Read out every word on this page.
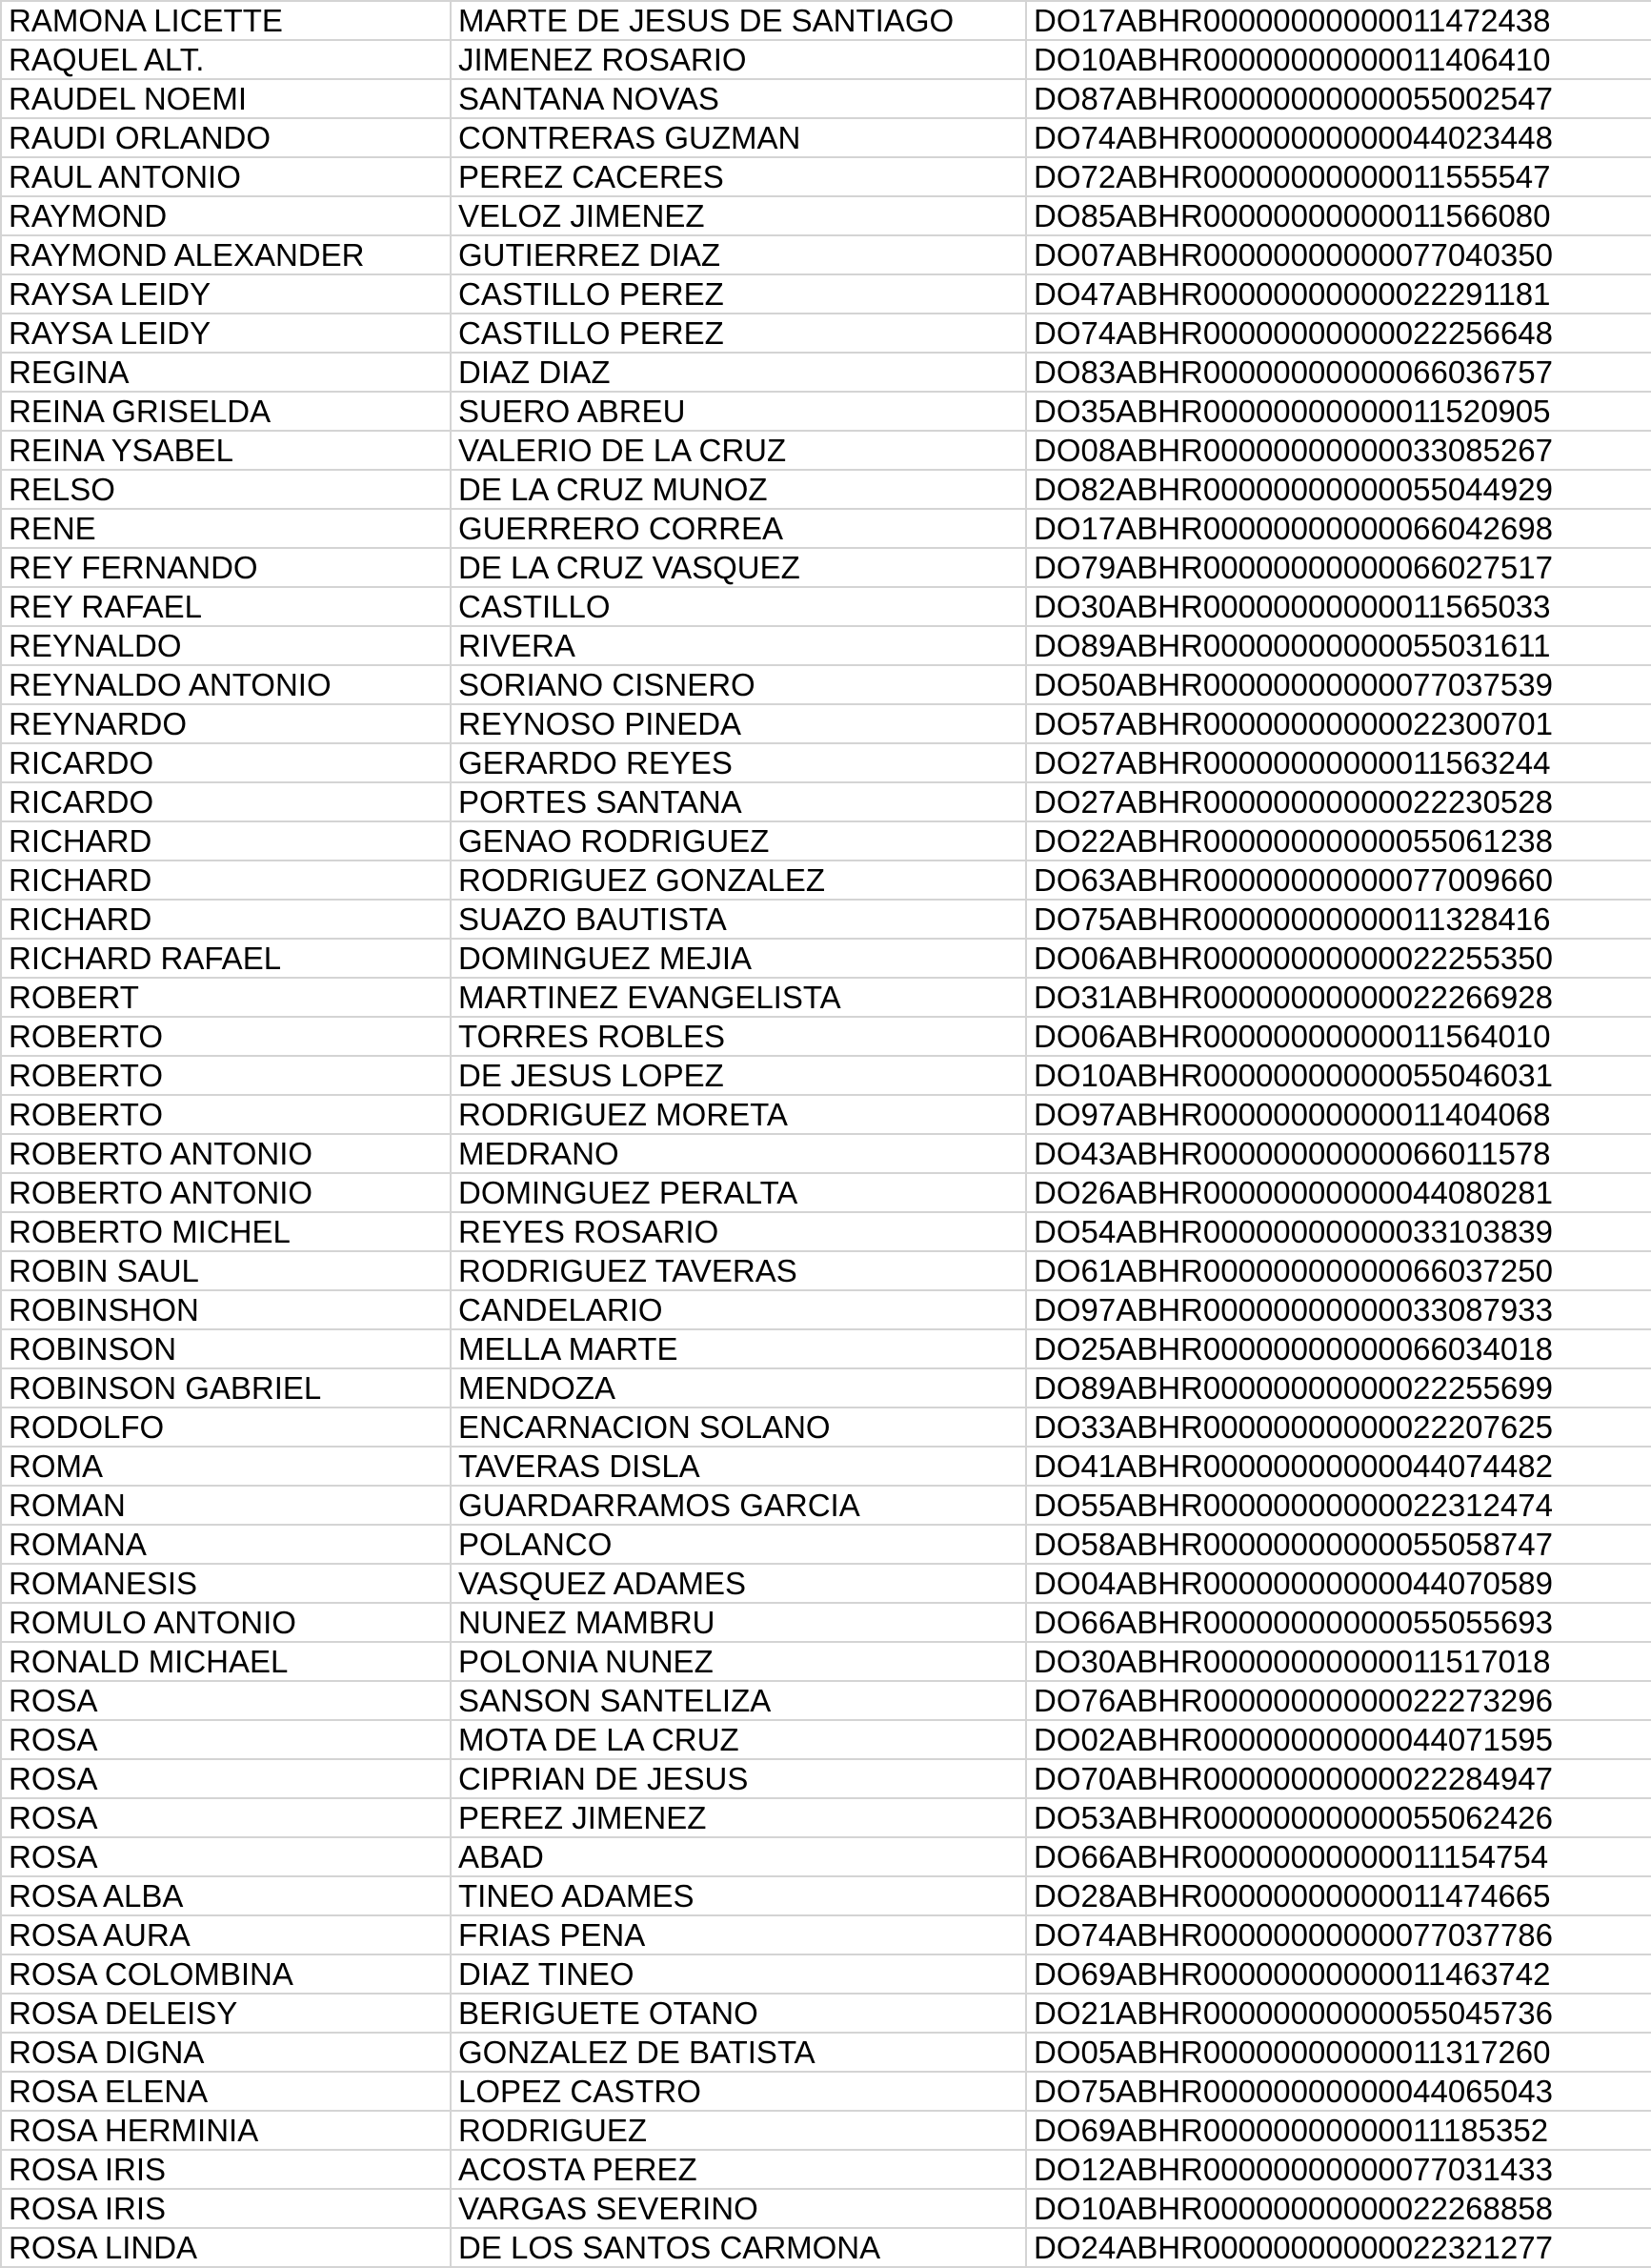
RAMONA LICETTE	MARTE DE JESUS DE SANTIAGO	DO17ABHR00000000000011472438
RAQUEL ALT.	JIMENEZ ROSARIO	DO10ABHR00000000000011406410
RAUDEL NOEMI	SANTANA NOVAS	DO87ABHR00000000000055002547
RAUDI ORLANDO	CONTRERAS GUZMAN	DO74ABHR00000000000044023448
RAUL ANTONIO	PEREZ CACERES	DO72ABHR00000000000011555547
RAYMOND	VELOZ JIMENEZ	DO85ABHR00000000000011566080
RAYMOND ALEXANDER	GUTIERREZ DIAZ	DO07ABHR00000000000077040350
RAYSA LEIDY	CASTILLO PEREZ	DO47ABHR00000000000022291181
RAYSA LEIDY	CASTILLO PEREZ	DO74ABHR00000000000022256648
REGINA	DIAZ DIAZ	DO83ABHR00000000000066036757
REINA GRISELDA	SUERO ABREU	DO35ABHR00000000000011520905
REINA YSABEL	VALERIO DE LA CRUZ	DO08ABHR00000000000033085267
RELSO	DE LA CRUZ MUNOZ	DO82ABHR00000000000055044929
RENE	GUERRERO CORREA	DO17ABHR00000000000066042698
REY FERNANDO	DE LA CRUZ VASQUEZ	DO79ABHR00000000000066027517
REY RAFAEL	CASTILLO	DO30ABHR00000000000011565033
REYNALDO	RIVERA	DO89ABHR00000000000055031611
REYNALDO ANTONIO	SORIANO CISNERO	DO50ABHR00000000000077037539
REYNARDO	REYNOSO PINEDA	DO57ABHR00000000000022300701
RICARDO	GERARDO REYES	DO27ABHR00000000000011563244
RICARDO	PORTES SANTANA	DO27ABHR00000000000022230528
RICHARD	GENAO RODRIGUEZ	DO22ABHR00000000000055061238
RICHARD	RODRIGUEZ GONZALEZ	DO63ABHR00000000000077009660
RICHARD	SUAZO BAUTISTA	DO75ABHR00000000000011328416
RICHARD RAFAEL	DOMINGUEZ MEJIA	DO06ABHR00000000000022255350
ROBERT	MARTINEZ EVANGELISTA	DO31ABHR00000000000022266928
ROBERTO	TORRES ROBLES	DO06ABHR00000000000011564010
ROBERTO	DE JESUS LOPEZ	DO10ABHR00000000000055046031
ROBERTO	RODRIGUEZ MORETA	DO97ABHR00000000000011404068
ROBERTO ANTONIO	MEDRANO	DO43ABHR00000000000066011578
ROBERTO ANTONIO	DOMINGUEZ PERALTA	DO26ABHR00000000000044080281
ROBERTO MICHEL	REYES ROSARIO	DO54ABHR00000000000033103839
ROBIN SAUL	RODRIGUEZ TAVERAS	DO61ABHR00000000000066037250
ROBINSHON	CANDELARIO	DO97ABHR00000000000033087933
ROBINSON	MELLA MARTE	DO25ABHR00000000000066034018
ROBINSON GABRIEL	MENDOZA	DO89ABHR00000000000022255699
RODOLFO	ENCARNACION SOLANO	DO33ABHR00000000000022207625
ROMA	TAVERAS DISLA	DO41ABHR00000000000044074482
ROMAN	GUARDARRAMOS GARCIA	DO55ABHR00000000000022312474
ROMANA	POLANCO	DO58ABHR00000000000055058747
ROMANESIS	VASQUEZ ADAMES	DO04ABHR00000000000044070589
ROMULO ANTONIO	NUNEZ MAMBRU	DO66ABHR00000000000055055693
RONALD MICHAEL	POLONIA NUNEZ	DO30ABHR00000000000011517018
ROSA	SANSON SANTELIZA	DO76ABHR00000000000022273296
ROSA	MOTA DE LA CRUZ	DO02ABHR00000000000044071595
ROSA	CIPRIAN DE JESUS	DO70ABHR00000000000022284947
ROSA	PEREZ JIMENEZ	DO53ABHR00000000000055062426
ROSA	ABAD	DO66ABHR00000000000011154754
ROSA ALBA	TINEO ADAMES	DO28ABHR00000000000011474665
ROSA AURA	FRIAS PENA	DO74ABHR00000000000077037786
ROSA COLOMBINA	DIAZ TINEO	DO69ABHR00000000000011463742
ROSA DELEISY	BERIGUETE OTANO	DO21ABHR00000000000055045736
ROSA DIGNA	GONZALEZ DE BATISTA	DO05ABHR00000000000011317260
ROSA ELENA	LOPEZ CASTRO	DO75ABHR00000000000044065043
ROSA HERMINIA	RODRIGUEZ	DO69ABHR00000000000011185352
ROSA IRIS	ACOSTA PEREZ	DO12ABHR00000000000077031433
ROSA IRIS	VARGAS SEVERINO	DO10ABHR00000000000022268858
ROSA LINDA	DE LOS SANTOS CARMONA	DO24ABHR00000000000022321277
